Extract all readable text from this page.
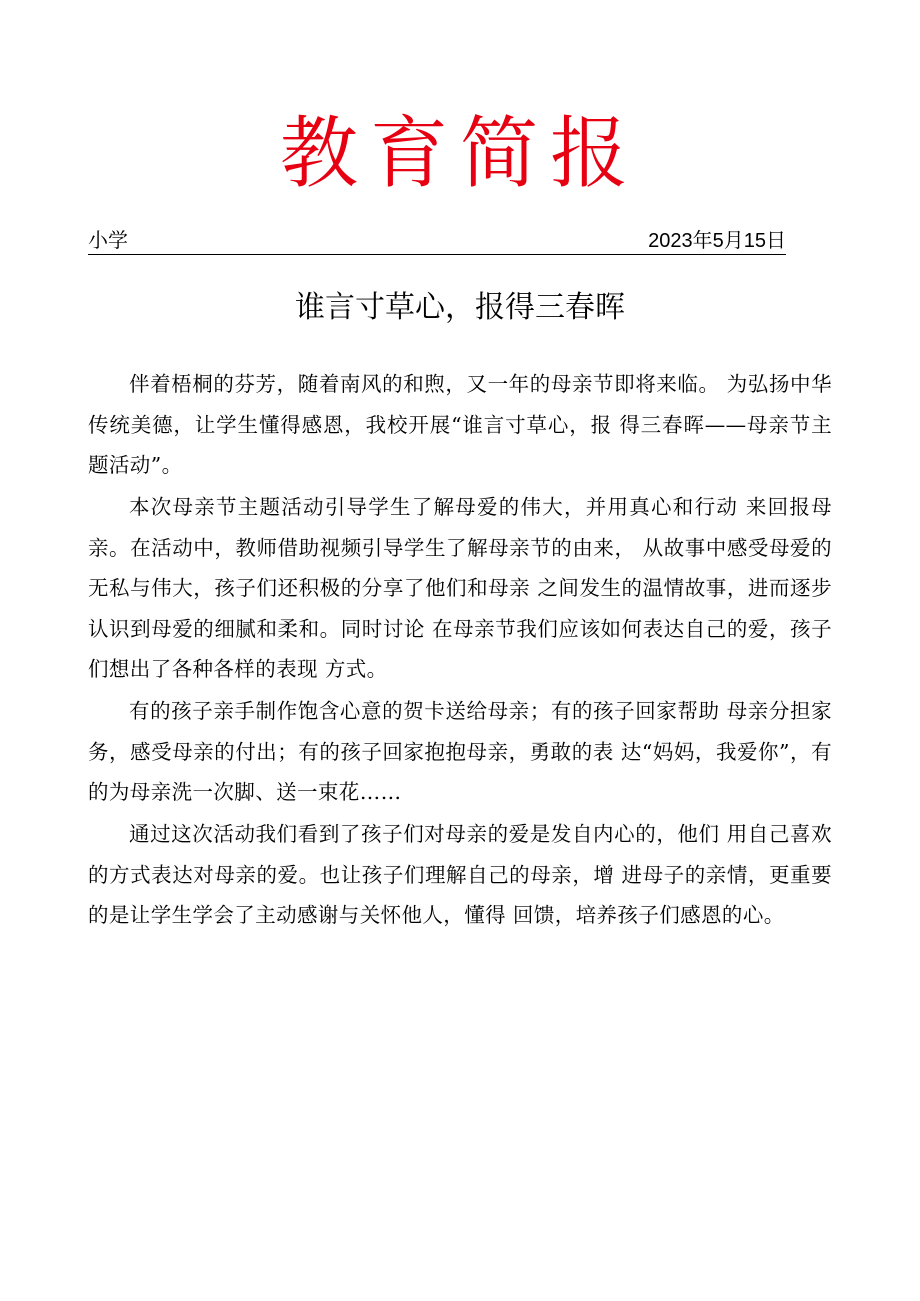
教育简报
小学	2023年5月15日
谁言寸草心，报得三春晖

伴着梧桐的芬芳，随着南风的和煦，又一年的母亲节即将来临。 为弘扬中华传统美德，让学生懂得感恩，我校开展“谁言寸草心，报 得三春晖——母亲节主题活动”。

本次母亲节主题活动引导学生了解母爱的伟大，并用真心和行动 来回报母亲。在活动中，教师借助视频引导学生了解母亲节的由来， 从故事中感受母爱的无私与伟大，孩子们还积极的分享了他们和母亲 之间发生的温情故事，进而逐步认识到母爱的细腻和柔和。同时讨论 在母亲节我们应该如何表达自己的爱，孩子们想出了各种各样的表现 方式。

有的孩子亲手制作饱含心意的贺卡送给母亲；有的孩子回家帮助 母亲分担家务，感受母亲的付出；有的孩子回家抱抱母亲，勇敢的表 达“妈妈，我爱你”，有的为母亲洗一次脚、送一束花……

通过这次活动我们看到了孩子们对母亲的爱是发自内心的，他们 用自己喜欢的方式表达对母亲的爱。也让孩子们理解自己的母亲，增 进母子的亲情，更重要的是让学生学会了主动感谢与关怀他人，懂得 回馈，培养孩子们感恩的心。
